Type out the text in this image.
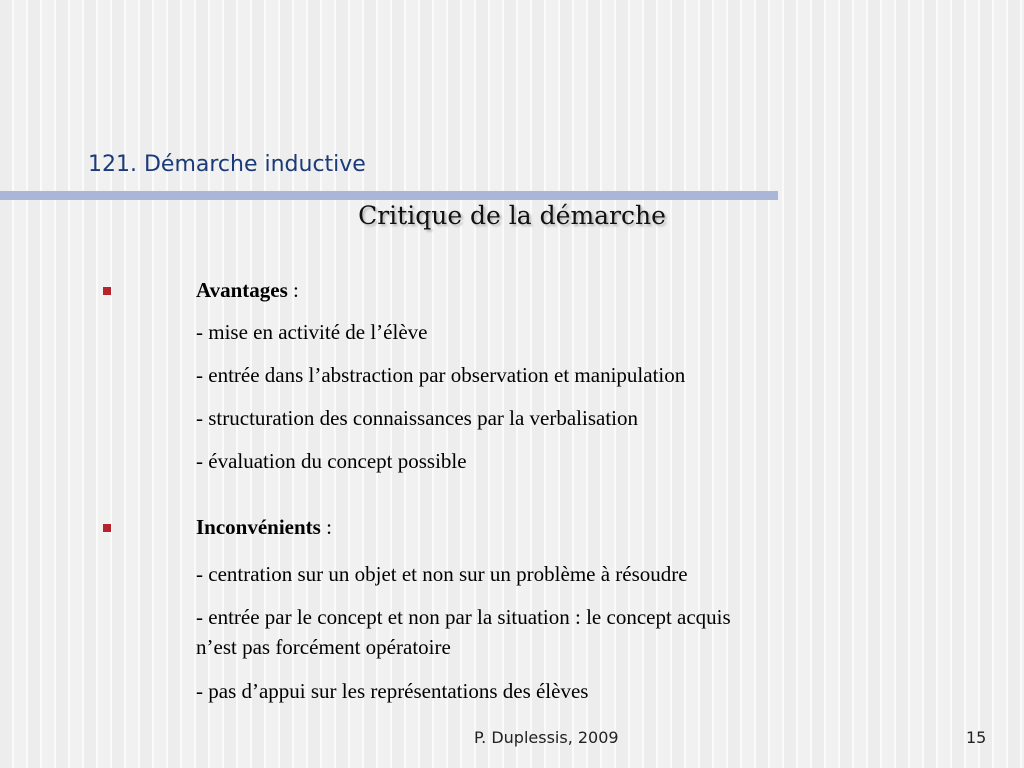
121. Démarche inductive
Critique de la démarche
Avantages :
- mise en activité de l’élève
- entrée dans l’abstraction par observation et manipulation
- structuration des connaissances par la verbalisation
- évaluation du concept possible
Inconvénients :
- centration sur un objet et non sur un problème à résoudre
- entrée par le concept et non par la situation : le concept acquis
n’est pas forcément opératoire
- pas d’appui sur les représentations des élèves
P. Duplessis, 2009	15
